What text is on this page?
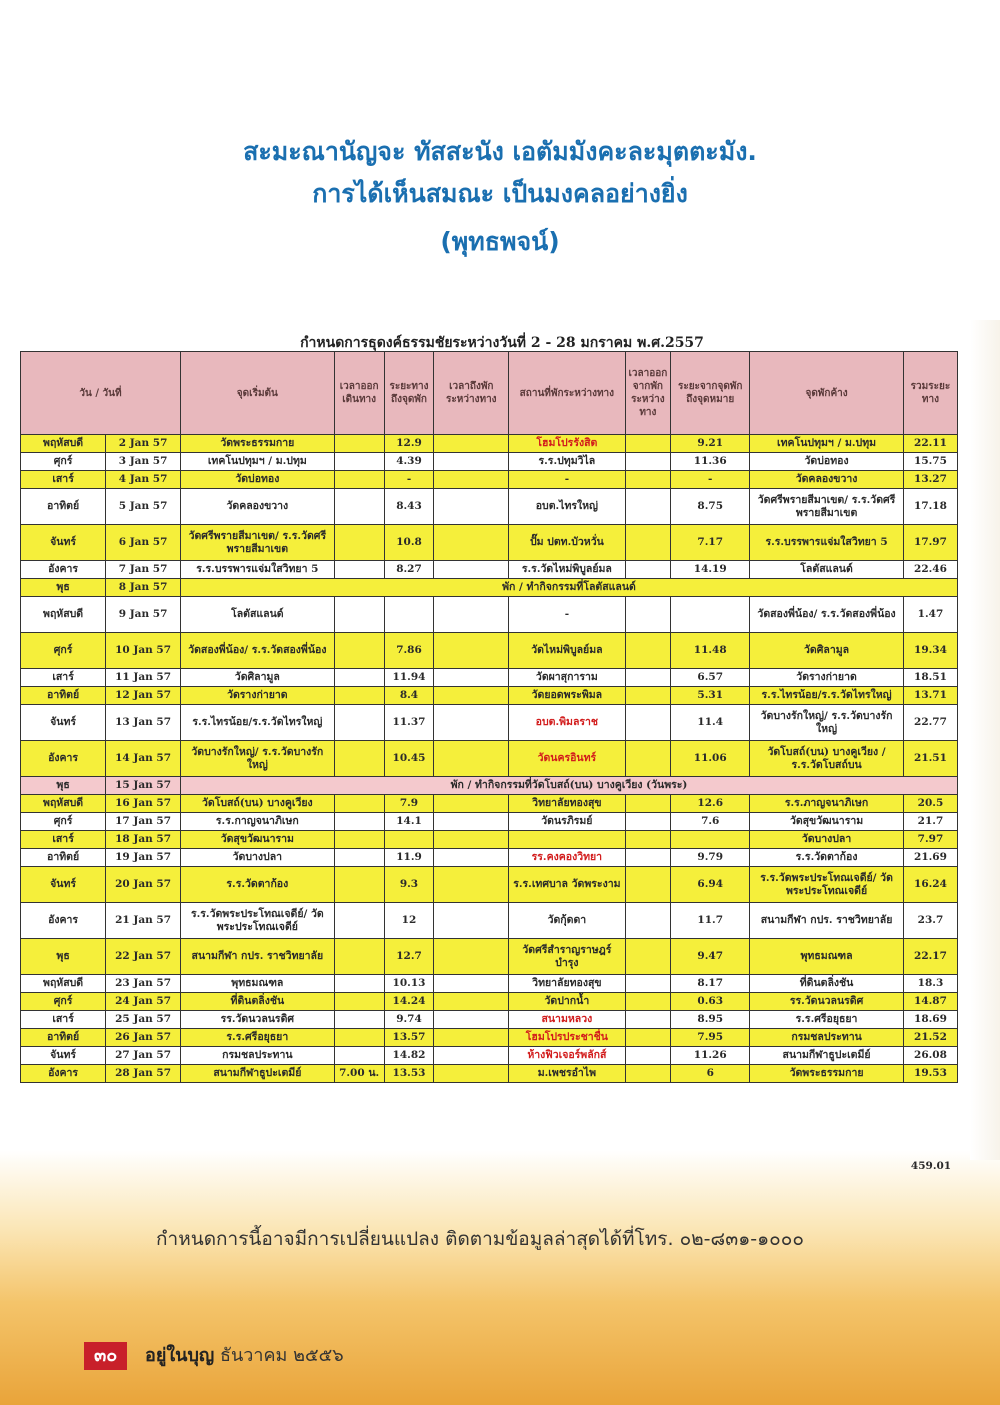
สะมะณานัญจะ ทัสสะนัง เอตัมมังคะละมุตตะมัง.
การได้เห็นสมณะ เป็นมงคลอย่างยิ่ง
(พุทธพจน์)
กำหนดการธุดงค์ธรรมชัยระหว่างวันที่ 2 - 28 มกราคม พ.ศ.2557
วัน / วันที่		จุดเริ่มต้น	เวลาออกเดินทาง	ระยะทางถึงจุดพัก	เวลาถึงพักระหว่างทาง	สถานที่พักระหว่างทาง	เวลาออกจากพักระหว่างทาง	ระยะจากจุดพักถึงจุดหมาย	จุดพักค้าง	รวมระยะทาง
พฤหัสบดี	2 Jan 57	วัดพระธรรมกาย		12.9		โฮมโปรรังสิต		9.21	เทคโนปทุมฯ / ม.ปทุม	22.11
ศุกร์	3 Jan 57	เทคโนปทุมฯ / ม.ปทุม		4.39		ร.ร.ปทุมวิไล		11.36	วัดบ่อทอง	15.75
เสาร์	4 Jan 57	วัดบ่อทอง		-		-		-	วัดคลองขวาง	13.27
อาทิตย์	5 Jan 57	วัดคลองขวาง		8.43		อบต.ไทรใหญ่		8.75	วัดศรีพรายสีมาเขต/ ร.ร.วัดศรีพรายสีมาเขต	17.18
จันทร์	6 Jan 57	วัดศรีพรายสีมาเขต/ ร.ร.วัดศรีพรายสีมาเขต		10.8		ปั๊ม ปตท.บัวหวั่น		7.17	ร.ร.บรรพารแจ่มใสวิทยา 5	17.97
อังคาร	7 Jan 57	ร.ร.บรรพารแจ่มใสวิทยา 5		8.27		ร.ร.วัดไหม่พิบูลย์มล		14.19	โลตัสแลนด์	22.46
พุธ	8 Jan 57	พัก / ทำกิจกรรมที่โลตัสแลนด์								
พฤหัสบดี	9 Jan 57	โลตัสแลนด์				-			วัดสองพี่น้อง/ ร.ร.วัดสองพี่น้อง	1.47
ศุกร์	10 Jan 57	วัดสองพี่น้อง/ ร.ร.วัดสองพี่น้อง		7.86		วัดไหม่พิบูลย์มล		11.48	วัดศิลามูล	19.34
เสาร์	11 Jan 57	วัดศิลามูล		11.94		วัดผาสุการาม		6.57	วัดรางก่ายาด	18.51
อาทิตย์	12 Jan 57	วัดรางก่ายาด		8.4		วัดยอดพระพิมล		5.31	ร.ร.ไทรน้อย/ร.ร.วัดไทรใหญ่	13.71
จันทร์	13 Jan 57	ร.ร.ไทรน้อย/ร.ร.วัดไทรใหญ่		11.37		อบต.พิมลราช		11.4	วัดบางรักใหญ่/ ร.ร.วัดบางรักใหญ่	22.77
อังคาร	14 Jan 57	วัดบางรักใหญ่/ ร.ร.วัดบางรักใหญ่		10.45		วัดนครอินทร์		11.06	วัดโบสถ์(บน) บางคูเวียง / ร.ร.วัดโบสถ์บน	21.51
พุธ	15 Jan 57	พัก / ทำกิจกรรมที่วัดโบสถ์(บน) บางคูเวียง (วันพระ)								
พฤหัสบดี	16 Jan 57	วัดโบสถ์(บน) บางคูเวียง		7.9		วิทยาลัยทองสุข		12.6	ร.ร.ภาญจนาภิเษก	20.5
ศุกร์	17 Jan 57	ร.ร.กาญจนาภิเษก		14.1		วัดนรภิรมย์		7.6	วัดสุขวัฒนาราม	21.7
เสาร์	18 Jan 57	วัดสุขวัฒนาราม							วัดบางปลา	7.97
อาทิตย์	19 Jan 57	วัดบางปลา		11.9		รร.คงคองวิทยา		9.79	ร.ร.วัดตาก้อง	21.69
จันทร์	20 Jan 57	ร.ร.วัดตาก้อง		9.3		ร.ร.เทศบาล วัดพระงาม		6.94	ร.ร.วัดพระประโทณเจดีย์/ วัดพระประโทณเจดีย์	16.24
อังคาร	21 Jan 57	ร.ร.วัดพระประโทณเจดีย์/ วัดพระประโทณเจดีย์		12		วัดกุ้ดดา		11.7	สนามกีฬา กปร. ราชวิทยาลัย	23.7
พุธ	22 Jan 57	สนามกีฬา กปร. ราชวิทยาลัย		12.7		วัดศรีสำราญราษฎร์บำรุง		9.47	พุทธมณฑล	22.17
พฤหัสบดี	23 Jan 57	พุทธมณฑล		10.13		วิทยาลัยทองสุข		8.17	ที่ดินตลิ่งชัน	18.3
ศุกร์	24 Jan 57	ที่ดินตลิ่งชัน		14.24		วัดปากน้ำ		0.63	รร.วัดนวลนรดิศ	14.87
เสาร์	25 Jan 57	รร.วัดนวลนรดิศ		9.74		สนามหลวง		8.95	ร.ร.ศรีอยุธยา	18.69
อาทิตย์	26 Jan 57	ร.ร.ศรีอยุธยา		13.57		โฮมโปรประชาชื่น		7.95	กรมชลประทาน	21.52
จันทร์	27 Jan 57	กรมชลประทาน		14.82		ห้างฟิวเจอร์พลักส์		11.26	สนามกีฬาธูปะเตมีย์	26.08
อังคาร	28 Jan 57	สนามกีฬาธูปะเตมีย์	7.00 น.	13.53		ม.เพชรอำไพ		6	วัดพระธรรมกาย	19.53
459.01
กำหนดการนี้อาจมีการเปลี่ยนแปลง ติดตามข้อมูลล่าสุดได้ที่โทร. ๐๒-๘๓๑-๑๐๐๐
๓๐ อยู่ในบุญ ธันวาคม ๒๕๕๖
